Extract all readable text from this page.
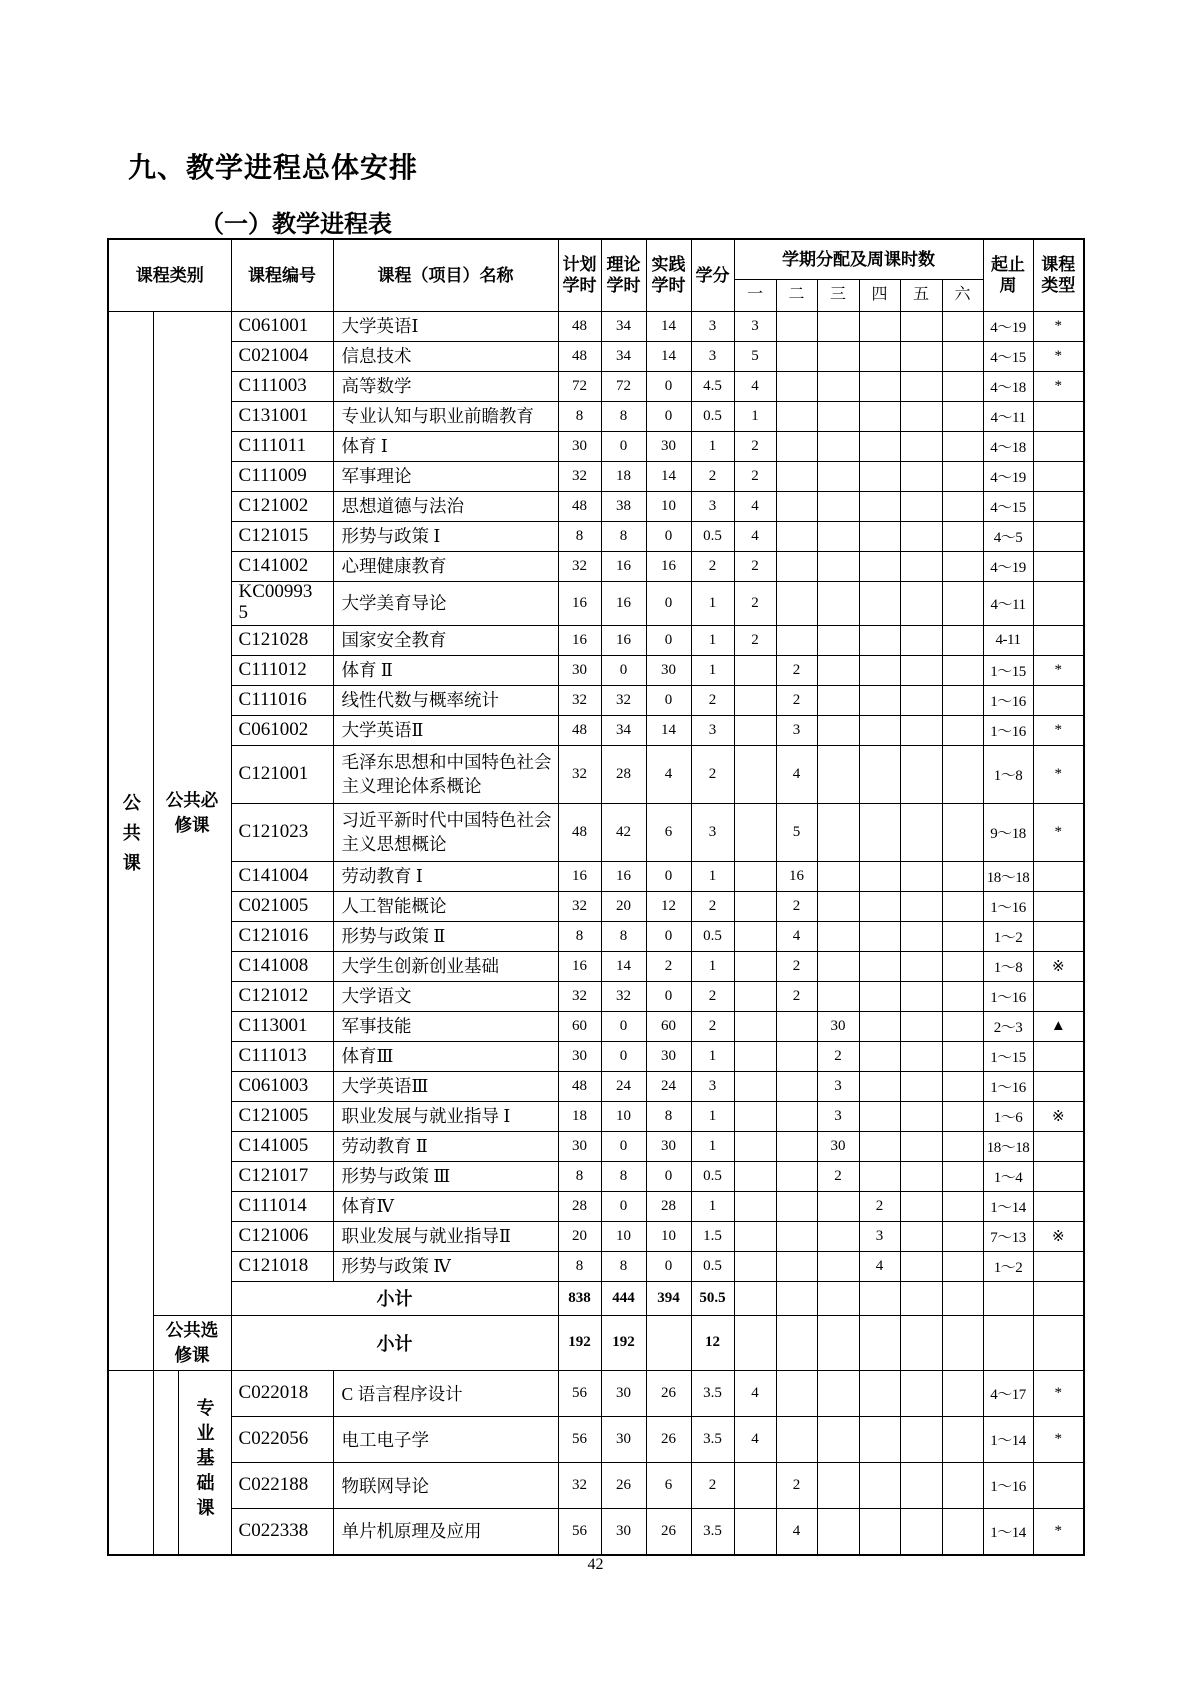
九、教学进程总体安排
（一）教学进程表
课程类别			课程编号	课程（项目）名称	计划学时	理论学时	实践学时	学分	学期分配及周课时数						起止周	课程类型
									一	二	三	四	五	六		
公共课	公共必修课		C061001	大学英语Ⅰ	48	34	14	3	3						4～19	*
			C021004	信息技术	48	34	14	3	5						4～15	*
			C111003	高等数学	72	72	0	4.5	4						4～18	*
			C131001	专业认知与职业前瞻教育	8	8	0	0.5	1						4～11	
			C111011	体育 Ⅰ	30	0	30	1	2						4～18	
			C111009	军事理论	32	18	14	2	2						4～19	
			C121002	思想道德与法治	48	38	10	3	4						4～15	
			C121015	形势与政策 Ⅰ	8	8	0	0.5	4						4～5	
			C141002	心理健康教育	32	16	16	2	2						4～19	
			KC009935	大学美育导论	16	16	0	1	2						4～11	
			C121028	国家安全教育	16	16	0	1	2						4-11	
			C111012	体育 Ⅱ	30	0	30	1		2					1～15	*
			C111016	线性代数与概率统计	32	32	0	2		2					1～16	
			C061002	大学英语Ⅱ	48	34	14	3		3					1～16	*
			C121001	毛泽东思想和中国特色社会主义理论体系概论	32	28	4	2		4					1～8	*
			C121023	习近平新时代中国特色社会主义思想概论	48	42	6	3		5					9～18	*
			C141004	劳动教育 Ⅰ	16	16	0	1		16					18～18	
			C021005	人工智能概论	32	20	12	2		2					1～16	
			C121016	形势与政策 Ⅱ	8	8	0	0.5		4					1～2	
			C141008	大学生创新创业基础	16	14	2	1		2					1～8	※
			C121012	大学语文	32	32	0	2		2					1～16	
			C113001	军事技能	60	0	60	2			30				2～3	▲
			C111013	体育Ⅲ	30	0	30	1			2				1～15	
			C061003	大学英语Ⅲ	48	24	24	3			3				1～16	
			C121005	职业发展与就业指导 Ⅰ	18	10	8	1			3				1～6	※
			C141005	劳动教育 Ⅱ	30	0	30	1			30				18～18	
			C121017	形势与政策 Ⅲ	8	8	0	0.5			2				1～4	
			C111014	体育Ⅳ	28	0	28	1				2			1～14	
			C121006	职业发展与就业指导Ⅱ	20	10	10	1.5				3			7～13	※
			C121018	形势与政策 Ⅳ	8	8	0	0.5				4			1～2	
			小计		838	444	394	50.5								
	公共选修课		小计		192	192		12								
		专业基础课	C022018	C 语言程序设计	56	30	26	3.5	4						4～17	*
			C022056	电工电子学	56	30	26	3.5	4						1～14	*
			C022188	物联网导论	32	26	6	2		2					1～16	
			C022338	单片机原理及应用	56	30	26	3.5		4					1～14	*
42
